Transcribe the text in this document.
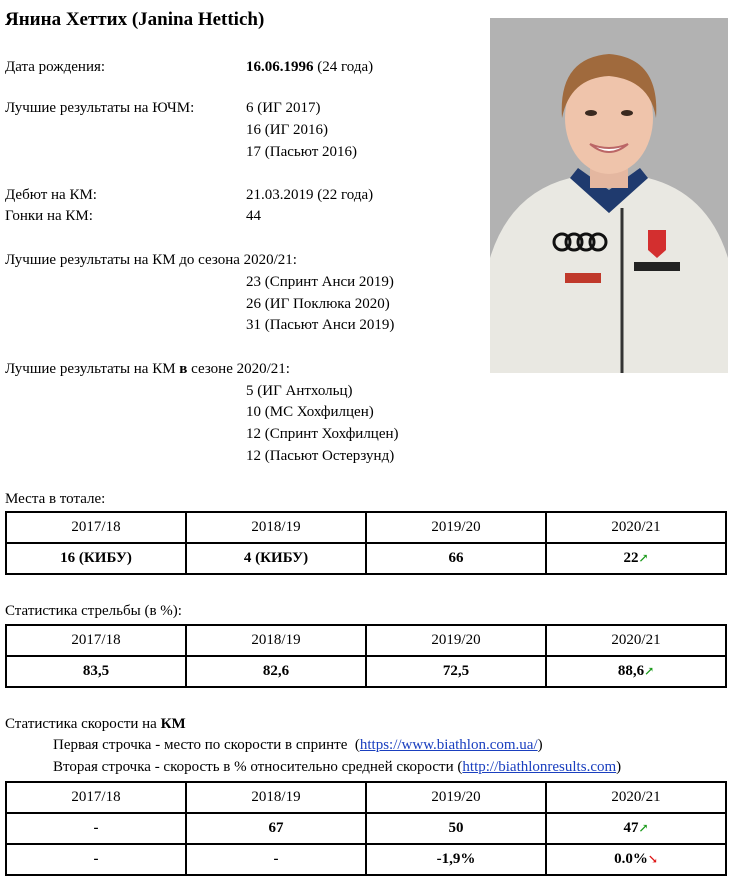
Янина Хеттих (Janina Hettich)
Дата рождения:	16.06.1996 (24 года)
Лучшие результаты на ЮЧМ:	6 (ИГ 2017)
16 (ИГ 2016)
17 (Пасьют 2016)
Дебют на КМ:	21.03.2019 (22 года)
Гонки на КМ:	44
Лучшие результаты на КМ до сезона 2020/21:
23 (Спринт Анси 2019)
26 (ИГ Поклюка 2020)
31 (Пасьют Анси 2019)
Лучшие результаты на КМ в сезоне 2020/21:
5 (ИГ Антхольц)
10 (МС Хохфилцен)
12 (Спринт Хохфилцен)
12 (Пасьют Остерзунд)
Места в тотале:
2017/18	2018/19	2019/20	2020/21
16 (КИБУ)	4 (КИБУ)	66	22↗
Статистика стрельбы (в %):
2017/18	2018/19	2019/20	2020/21
83,5	82,6	72,5	88,6↗
Статистика скорости на КМ
Первая строчка - место по скорости в спринте  (https://www.biathlon.com.ua/)
Вторая строчка - скорость в % относительно средней скорости (http://biathlonresults.com)
2017/18	2018/19	2019/20	2020/21
-	67	50	47↗
-	-	-1,9%	0.0%↘
